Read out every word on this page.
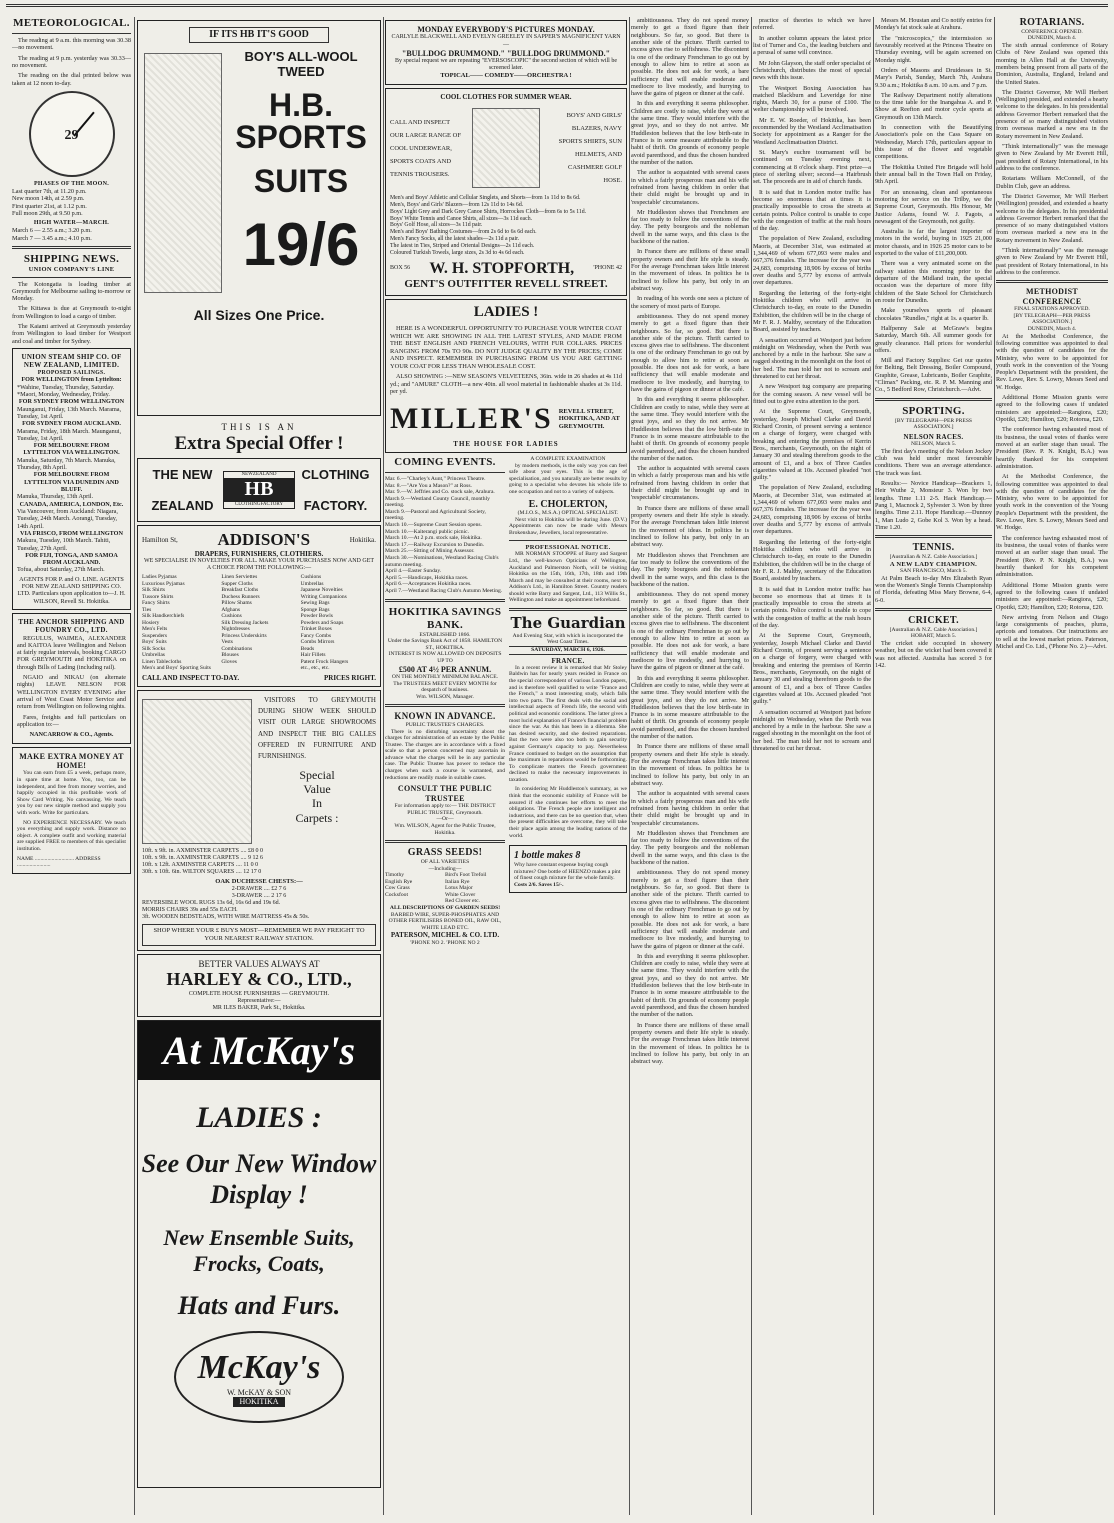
METEOROLOGICAL.

The reading at 9 a.m. this morning was 30.38—no movement.

The reading at 9 p.m. yesterday was 30.33—no movement.

The reading on the dial printed below was taken at 12 noon to-day.

29
PHASES OF THE MOON.
Last quarter 7th, at 11.20 p.m.
New moon 14th, at 2.59 p.m.
First quarter 21st, at 1.12 p.m.
Full moon 29th, at 9.50 p.m.
HIGH WATER—MARCH.
March 6 — 2.55 a.m.; 3.20 p.m.
March 7 — 3.45 a.m.; 4.10 p.m.
SHIPPING NEWS.
UNION COMPANY'S LINE

The Kotongatia is loading timber at Greymouth for Melbourne sailing to-morrow or Monday.

The Kittawa is due at Greymouth to-night from Wellington to load a cargo of timber.

The Kaiami arrived at Greymouth yesterday from Wellington to load timber for Westport and coal and timber for Sydney.

UNION STEAM SHIP CO. OF NEW ZEALAND, LIMITED.
PROPOSED SAILINGS.
FOR WELLINGTON from Lyttelton:
*Wahine, Tuesday, Thursday, Saturday. *Maori, Monday, Wednesday, Friday.
FOR SYDNEY FROM WELLINGTON
Maunganui, Friday, 13th March. Marama, Tuesday, 1st April.
FOR SYDNEY FROM AUCKLAND.
Marama, Friday, 18th March. Maunganui, Tuesday, 1st April.
FOR MELBOURNE FROM LYTTELTON VIA WELLINGTON.
Manuka, Saturday, 7th March. Manuka, Thursday, 8th April.
FOR MELBOURNE FROM LYTTELTON VIA DUNEDIN AND BLUFF.
Manuka, Thursday, 13th April.
CANADA, AMERICA, LONDON, Etc.
Via Vancouver, from Auckland: Niagara, Tuesday, 24th March. Aorangi, Tuesday, 14th April.
VIA FRISCO, FROM WELLINGTON
Makura, Tuesday, 10th March. Tahiti, Tuesday, 27th April.
FOR FIJI, TONGA, AND SAMOA FROM AUCKLAND.
Tofua, about Saturday, 27th March.
AGENTS FOR P. and O. LINE. AGENTS FOR NEW ZEALAND SHIPPING CO. LTD. Particulars upon application to—J. H. WILSON, Revell St. Hokitika.
THE ANCHOR SHIPPING AND FOUNDRY CO., LTD.

REGULUS, WAIMEA, ALEXANDER and KAITOA leave Wellington and Nelson at fairly regular intervals, booking CARGO FOR GREYMOUTH and HOKITIKA on through Bills of Lading (including rail).

NGAIO and NIKAU (on alternate nights) LEAVE NELSON FOR WELLINGTON EVERY EVENING after arrival of West Coast Motor Service and return from Wellington on following nights.

Fares, freights and full particulars on application to:—

NANCARROW & CO., Agents.
MAKE EXTRA MONEY AT HOME!

You can earn from £5 a week, perhaps more, in spare time at home. You, too, can be independent, and free from money worries, and happily occupied in this profitable work of Show Card Writing. No canvassing. We teach you by our new simple method and supply you with work. Write for particulars.

NO EXPERIENCE NECESSARY. We teach you everything and supply work. Distance no object. A complete outfit and working material are supplied FREE to members of this specialist institution.

NAME ............................ ADDRESS ........................
IF ITS HB IT'S GOOD
BOY'S ALL-WOOL TWEED
H.B. SPORTS
SUITS
19/6
All Sizes One Price.
THIS IS AN
Extra Special Offer !
THE NEW
ZEALAND
NEWZEALAND
HB
CLOTHINGFACTORY
CLOTHING
FACTORY.
Hamilton St, ADDISON'S	Hokitika.
DRAPERS, FURNISHERS, CLOTHIERS.
WE SPECIALISE IN NOVELTIES FOR ALL. MAKE YOUR PURCHASES NOW AND GET A CHOICE FROM THE FOLLOWING:—
Ladies Pyjamas
Luxurious Pyjamas
Silk Shirts
Tussore Shirts
Fancy Shirts
Ties
Silk Handkerchiefs
Hosiery
Men's Felts
Suspenders
Boys' Suits
Silk Socks
Umbrellas
Linen Tablecloths
Men's and Boys' Sporting Suits
Linen Serviettes
Supper Cloths
Breakfast Cloths
Duchess Runners
Pillow Shams
Afghans
Cushions
Silk Dressing Jackets
Nightdresses
Princess Underskirts
Vests
Combinations
Blouses
Gloves
Cushions
Umbrellas
Japanese Novelties
Writing Companions
Sewing Bags
Sponge Bags
Powder Bowls
Powders and Soaps
Trinket Boxes
Fancy Combs
Combs Mirrors
Beads
Hair Fillets
Patent Frock Hangers
etc., etc., etc.
CALL AND INSPECT TO-DAY.	PRICES RIGHT.

VISITORS TO GREYMOUTH DURING SHOW WEEK SHOULD VISIT OUR LARGE SHOWROOMS AND INSPECT THE BIG CALLES OFFERED IN FURNITURE AND FURNISHINGS.

Special
Value
In
Carpets :
10ft. x 9ft. in. AXMINSTER CARPETS .... £8 0 0
10ft. x 9ft. in. AXMINSTER CARPETS .... 9 12 6
10ft. x 12ft. AXMINSTER CARPETS .... 11 0 0
30ft. x 10ft. 6in. WILTON SQUARES .... 12 17 0
OAK DUCHESSE CHESTS:—
2-DRAWER .... £2 7 6
3-DRAWER .... 2 17 6
REVERSIBLE WOOL RUGS 13s 6d, 16s 6d and 19s 6d.
MORRIS CHAIRS 39s and 55s EACH.
3ft. WOODEN BEDSTEADS, WITH WIRE MATTRESS 45s & 50s.
SHOP WHERE YOUR £ BUYS MOST—REMEMBER WE PAY FREIGHT TO YOUR NEAREST RAILWAY STATION.
BETTER VALUES ALWAYS AT
HARLEY & CO., LTD.,
COMPLETE HOUSE FURNISHERS — GREYMOUTH.
Representative:—
MR ILES BAKER, Park St., Hokitika.
At McKay's
LADIES :
See Our New Window Display !
New Ensemble Suits, Frocks, Coats,
Hats and Furs.
McKay's
W. McKAY & SON
HOKITIKA
MONDAY EVERYBODY'S PICTURES MONDAY.
CARLYLE BLACKWELL AND EVELYN GREELEY IN SAPPER'S MAGNIFICENT YARN—
"BULLDOG DRUMMOND." "BULLDOG DRUMMOND."
By special request we are repeating "EVERSOSCOPIC" the second section of which will be screened later.
TOPICAL—— COMEDY——ORCHESTRA !
COOL CLOTHES FOR SUMMER WEAR.
CALL AND INSPECT
OUR LARGE RANGE OF
COOL UNDERWEAR,
SPORTS COATS AND
TENNIS TROUSERS.
BOYS' AND GIRLS'
BLAZERS, NAVY
SPORTS SHIRTS, SUN
HELMETS, AND
CASHMERE GOLF
HOSE.
Men's and Boys' Athletic and Cellular Singlets, and Shorts—from 1s 11d to 8s 6d.
Men's, Boys' and Girls' Blazers—from 12s 11d to 14s 6d.
Boys' Light Grey and Dark Grey Canoe Shirts, Horrockes Cloth—from 6s to 5s 11d.
Boys' White Tennis and Canoe Shirts, all sizes—3s 11d each.
Boys' Golf Hose, all sizes—3s 11d pair.
Men's and Boys' Bathing Costumes—from 2s 6d to 6s 6d each.
Men's Fancy Socks, all the latest shades—2s 11d a pair.
The latest in Ties, Striped and Oriental Designs—2s 11d each.
Coloured Turkish Towels, large sizes, 2s 3d to 4s 6d each.
BOX 56 W. H. STOPFORTH,	'PHONE 42
GENT'S OUTFITTER REVELL STREET.
LADIES !

HERE IS A WONDERFUL OPPORTUNITY TO PURCHASE YOUR WINTER COAT WHICH WE ARE SHOWING IN ALL THE LATEST STYLES, AND MADE FROM THE BEST ENGLISH AND FRENCH VELOURS, WITH FUR COLLARS. PRICES RANGING FROM 70s TO 90s. DO NOT JUDGE QUALITY BY THE PRICES; COME AND INSPECT. REMEMBER IN PURCHASING FROM US YOU ARE GETTING YOUR COAT FOR LESS THAN WHOLESALE COST.

ALSO SHOWING :—NEW SEASON'S VELVETEENS, 36in. wide in 26 shades at 4s 11d yd.; and "AMURE" CLOTH—a new 40in. all wool material in fashionable shades at 3s 11d. per yd.

MILLER'S REVELL STREET, HOKITIKA, AND AT GREYMOUTH.
THE HOUSE FOR LADIES
COMING EVENTS.
Mar. 6.—"Charley's Aunt," Princess Theatre.
Mar. 8.—"Are You a Mason?" at Ross.
Mar. 9.—W. Jeffries and Co. stock sale, Arahura.
March 9.—Westland County Council, monthly meeting.
March 9.—Pastoral and Agricultural Society, meeting.
March 10.—Supreme Court Session opens.
March 10.—Kaiterangi public picnic.
March 10.—At 2 p.m. stock sale, Hokitika.
March 17.—Railway Excursion to Dunedin.
March 25.—Sitting of Mining Assessor.
March 30.—Nominations, Westland Racing Club's autumn meeting.
April 4.—Easter Sunday.
April 5.—Handicaps, Hokitika races.
April 6.—Acceptances Hokitika races.
April 7.—Westland Racing Club's Autumn Meeting.
HOKITIKA SAVINGS BANK.
ESTABLISHED 1866.
Under the Savings Bank Act of 1858. HAMILTON ST., HOKITIKA.
INTEREST IS NOW ALLOWED ON DEPOSITS UP TO
£500 AT 4½ PER ANNUM.
ON THE MONTHLY MINIMUM BALANCE.
The TRUSTEES MEET EVERY MONTH for despatch of business.
Wm. WILSON, Manager.
KNOWN IN ADVANCE.
PUBLIC TRUSTEE'S CHARGES.

There is no disturbing uncertainty about the charges for administration of an estate by the Public Trustee. The charges are in accordance with a fixed scale so that a person concerned may ascertain in advance what the charges will be in any particular case. The Public Trustee has power to reduce the charges when such a course is warranted, and reductions are readily made in suitable cases.

CONSULT THE PUBLIC TRUSTEE
For information apply to:— THE DISTRICT PUBLIC TRUSTEE, Greymouth.
—Or—
Wm. WILSON, Agent for the Public Trustee, Hokitika.
GRASS SEEDS!
OF ALL VARIETIES
—Including—
Timothy
English Rye
Cow Grass
Cocksfoot
Bird's Foot Trefoil
Italian Rye
Lotus Major
White Clover
Red Clover etc.
ALL DESCRIPTIONS OF GARDEN SEEDS!
BARBED WIRE, SUPER-PHOSPHATES AND OTHER FERTILISERS BONED OIL, RAW OIL, WHITE LEAD ETC.
PATERSON, MICHEL & CO. LTD.
'PHONE NO 2. 'PHONE NO 2
A COMPLETE EXAMINATION

by modern methods, is the only way you can feel safe about your eyes. This is the age of specialisation, and you naturally are better results by going to a specialist who devotes his whole life to one occupation and not to a variety of subjects.

E. CHOLERTON,
(M.I.O.S., M.S.A.) OPTICAL SPECIALIST.

Next visit to Hokitika will be during June. (D.V.) Appointments can now be made with Messrs Brokenshaw, Jewellers, local representative.

PROFESSIONAL NOTICE.

MR NORMAN STOOPPE of Barry and Sargent Ltd., the well-known Opticians of Wellington, Auckland and Palmerston North, will be visiting Hokitika on the 15th, 16th, 17th, 18th and 19th March and may be consulted at their rooms, next to Addison's Ltd., in Hamilton Street. Country readers should write Barry and Sargent, Ltd., 113 Willis St., Wellington and make an appointment beforehand.

The Guardian
And Evening Star, with which is incorporated the West Coast Times.
SATURDAY, MARCH 6, 1926.
FRANCE.

In a recent review it is remarked that Mr Stoley Baldwin has for nearly years resided in France on the special correspondent of various London papers, and is therefore well qualified to write "France and the French," a most interesting study, which falls into two parts. The first deals with the social and intellectual aspects of French life, the second with political and economic conditions. The latter gives a most lucid explanation of France's financial problem since the war. As this has been in a dilemma. She has desired security, and she desired reparations. But the two were also too both to gain security against Germany's capacity to pay. Nevertheless France continued to budget on the assumption that the maximum in reparations would be forthcoming. To complicate matters the French government declined to make the necessary improvements in taxation.

In considering Mr Huddleston's summary, as we think that the economic stability of France will be assured if she continues her efforts to meet the obligations. The French people are intelligent and industrious, and there can be no question that, when the present difficulties are overcome, they will take their place again among the leading nations of the world.

1 bottle makes 8
Why have constant expense buying cough mixtures? One bottle of HEENZO makes a pint of finest cough mixture for the whole family.
Costs 2/6. Saves 15/-.

ambitiousness. They do not spend money merely to get a fixed figure than their neighbours. So far, so good. But there is another side of the picture. Thrift carried to excess gives rise to selfishness. The discontent is one of the ordinary Frenchman to go out by enough to allow him to retire at soon as possible. He does not ask for work, a bare sufficiency that will enable moderate and mediocre to live modestly, and hurrying to have the gains of pigeon or dinner at the café.

In this and everything it seems philosopher. Children are costly to raise, while they were at the same time. They would interfere with the great joys, and so they do not arrive. Mr Huddleston believes that the low birth-rate in France is in some measure attributable to the habit of thrift. On grounds of economy people avoid parenthood, and thus the chosen hundred the number of the nation.

The author is acquainted with several cases in which a fairly prosperous man and his wife refrained from having children in order that their child might be brought up and in 'respectable' circumstances.

Mr Huddleston shows that Frenchmen are far too ready to follow the conventions of the day. The petty bourgeois and the nobleman dwell in the same ways, and this class is the backbone of the nation.

In France there are millions of these small property owners and their life style is steady. For the average Frenchman takes little interest in the movement of ideas. In politics he is inclined to follow his party, but only in an abstract way.

In reading of his words one sees a picture of the scenery of most parts of Europe.

ambitiousness. They do not spend money merely to get a fixed figure than their neighbours. So far, so good. But there is another side of the picture. Thrift carried to excess gives rise to selfishness. The discontent is one of the ordinary Frenchman to go out by enough to allow him to retire at soon as possible. He does not ask for work, a bare sufficiency that will enable moderate and mediocre to live modestly, and hurrying to have the gains of pigeon or dinner at the café.

In this and everything it seems philosopher. Children are costly to raise, while they were at the same time. They would interfere with the great joys, and so they do not arrive. Mr Huddleston believes that the low birth-rate in France is in some measure attributable to the habit of thrift. On grounds of economy people avoid parenthood, and thus the chosen hundred the number of the nation.

The author is acquainted with several cases in which a fairly prosperous man and his wife refrained from having children in order that their child might be brought up and in 'respectable' circumstances.

In France there are millions of these small property owners and their life style is steady. For the average Frenchman takes little interest in the movement of ideas. In politics he is inclined to follow his party, but only in an abstract way.

Mr Huddleston shows that Frenchmen are far too ready to follow the conventions of the day. The petty bourgeois and the nobleman dwell in the same ways, and this class is the backbone of the nation.

ambitiousness. They do not spend money merely to get a fixed figure than their neighbours. So far, so good. But there is another side of the picture. Thrift carried to excess gives rise to selfishness. The discontent is one of the ordinary Frenchman to go out by enough to allow him to retire at soon as possible. He does not ask for work, a bare sufficiency that will enable moderate and mediocre to live modestly, and hurrying to have the gains of pigeon or dinner at the café.

In this and everything it seems philosopher. Children are costly to raise, while they were at the same time. They would interfere with the great joys, and so they do not arrive. Mr Huddleston believes that the low birth-rate in France is in some measure attributable to the habit of thrift. On grounds of economy people avoid parenthood, and thus the chosen hundred the number of the nation.

In France there are millions of these small property owners and their life style is steady. For the average Frenchman takes little interest in the movement of ideas. In politics he is inclined to follow his party, but only in an abstract way.

The author is acquainted with several cases in which a fairly prosperous man and his wife refrained from having children in order that their child might be brought up and in 'respectable' circumstances.

Mr Huddleston shows that Frenchmen are far too ready to follow the conventions of the day. The petty bourgeois and the nobleman dwell in the same ways, and this class is the backbone of the nation.

ambitiousness. They do not spend money merely to get a fixed figure than their neighbours. So far, so good. But there is another side of the picture. Thrift carried to excess gives rise to selfishness. The discontent is one of the ordinary Frenchman to go out by enough to allow him to retire at soon as possible. He does not ask for work, a bare sufficiency that will enable moderate and mediocre to live modestly, and hurrying to have the gains of pigeon or dinner at the café.

In this and everything it seems philosopher. Children are costly to raise, while they were at the same time. They would interfere with the great joys, and so they do not arrive. Mr Huddleston believes that the low birth-rate in France is in some measure attributable to the habit of thrift. On grounds of economy people avoid parenthood, and thus the chosen hundred the number of the nation.

In France there are millions of these small property owners and their life style is steady. For the average Frenchman takes little interest in the movement of ideas. In politics he is inclined to follow his party, but only in an abstract way.

practice of theories to which we have referred.

In another column appears the latest price list of Turner and Co., the leading butchers and a perusal of same will convince.

Mr John Glayson, the staff order specialist of Christchurch, distributes the most of special news with this issue.

The Westport Boxing Association has matched Blackburn and Leveridge for nine rights, March 30, for a purse of £100. The welter championship will be involved.

Mr E. W. Roeder, of Hokitika, has been recommended by the Westland Acclimatisation Society for appointment as a Ranger for the Westland Acclimatisation District.

St. Mary's euchre tournament will be continued on Tuesday evening next, commencing at 8 o'clock sharp. First prize—a piece of sterling silver; second—a Hairbrush set. The proceeds are in aid of church funds.

It is said that in London motor traffic has become so enormous that at times it is practically impossible to cross the streets at certain points. Police control is unable to cope with the congestion of traffic at the rush hours of the day.

The population of New Zealand, excluding Maoris, at December 31st, was estimated at 1,344,469 of whom 677,093 were males and 667,376 females. The increase for the year was 24,683, comprising 18,906 by excess of births over deaths and 5,777 by excess of arrivals over departures.

Regarding the lettering of the forty-eight Hokitika children who will arrive in Christchurch to-day, en route to the Dunedin Exhibition, the children will be in the charge of Mr F. R. J. Maltby, secretary of the Education Board, assisted by teachers.

A sensation occurred at Westport just before midnight on Wednesday, when the Perth was anchored by a mile in the harbour. She saw a ragged shooting in the moonlight on the foot of her bed. The man told her not to scream and threatened to cut her throat.

A new Westport tug company are preparing for the coming season. A new vessel will be fitted out to give extra attention to the port.

At the Supreme Court, Greymouth, yesterday, Joseph Michael Clarke and David Richard Cronin, of present serving a sentence on a charge of forgery, were charged with breaking and entering the premises of Kerrin Bros., merchants, Greymouth, on the night of January 30 and stealing therefrom goods to the amount of £1, and a box of Three Castles cigarettes valued at 10s. Accused pleaded "not guilty."

The population of New Zealand, excluding Maoris, at December 31st, was estimated at 1,344,469 of whom 677,093 were males and 667,376 females. The increase for the year was 24,683, comprising 18,906 by excess of births over deaths and 5,777 by excess of arrivals over departures.

Regarding the lettering of the forty-eight Hokitika children who will arrive in Christchurch to-day, en route to the Dunedin Exhibition, the children will be in the charge of Mr F. R. J. Maltby, secretary of the Education Board, assisted by teachers.

It is said that in London motor traffic has become so enormous that at times it is practically impossible to cross the streets at certain points. Police control is unable to cope with the congestion of traffic at the rush hours of the day.

At the Supreme Court, Greymouth, yesterday, Joseph Michael Clarke and David Richard Cronin, of present serving a sentence on a charge of forgery, were charged with breaking and entering the premises of Kerrin Bros., merchants, Greymouth, on the night of January 30 and stealing therefrom goods to the amount of £1, and a box of Three Castles cigarettes valued at 10s. Accused pleaded "not guilty."

A sensation occurred at Westport just before midnight on Wednesday, when the Perth was anchored by a mile in the harbour. She saw a ragged shooting in the moonlight on the foot of her bed. The man told her not to scream and threatened to cut her throat.

Messrs M. Houstan and Co notify entries for Monday's fat stock sale at Arahura.

The "microscopics," the intermission so favourably received at the Princess Theatre on Thursday evening, will be again screened on Monday night.

Orders of Masons and Druidesses in St. Mary's Parish, Sunday, March 7th, Arahura 9.30 a.m.; Hokitika 8 a.m. 10 a.m. and 7 p.m.

The Railway Department notify alterations to the time table for the Inangahua A. and P. Show at Reefton and motor cycle sports at Greymouth on 13th March.

In connection with the Beautifying Association's pole on the Cass Square on Wednesday, March 17th, particulars appear in this issue of the flower and vegetable competitions.

The Hokitika United Fire Brigade will hold their annual ball in the Town Hall on Friday, 9th April.

For an unceasing, clean and spontaneous motoring for service on the Trilby, we the Supreme Court, Greymouth. His Honour, Mr Justice Adams, found W. J. Fagots, a newsagent of the Greymouth, not guilty.

Australia is far the largest importer of motors in the world, buying in 1925 21,000 motor chassis, and in 1926 25 motor cars to be exported to the value of £11,200,000.

There was a very animated scene on the railway station this morning prior to the departure of the Midland train, the special occasion was the departure of more fifty children of the State School for Christchurch en route for Dunedin.

Make yourselves sports of pleasant chocolates "Rundles," right at 1s. a quarter lb.

Halfpenny Sale at McGraw's begins Saturday, March 6th. All summer goods for greatly clearance. Hall prices for wonderful offers.

Mill and Factory Supplies: Get our quotes for Belting, Belt Dressing, Boiler Compound, Graphite, Grease, Lubricants, Boiler Graphite, "Climax" Packing, etc. R. P. M. Manning and Co., 5 Bedford Row, Christchurch.—Advt.

SPORTING.
[BY TELEGRAPH—PER PRESS ASSOCIATION.]
NELSON RACES.
NELSON, March 5.

The first day's meeting of the Nelson Jockey Club was held under most favourable conditions. There was an average attendance. The track was fast.

Results:— Novice Handicap—Brackers 1, Heir Wuthe 2, Monsieur 3. Won by two lengths. Time 1.11 2-5. Hack Handicap.—Pang 1, Macnock 2, Sylvester 3. Won by three lengths. Time 2.11. Hope Handicap.—Dunnoy 1, Man Ludo 2, Gobe Kol 3. Won by a head. Time 1.20.

TENNIS.
[Australian & N.Z. Cable Association.]
A NEW LADY CHAMPION.
SAN FRANCISCO, March 5.

At Palm Beach to-day Mrs Elizabeth Ryan won the Women's Single Tennis Championship of Florida, defeating Miss Mary Browne, 6-4, 6-0.

CRICKET.
[Australian & N.Z. Cable Association.]
HOBART, March 5.

The cricket side occupied in showery weather, but on the wicket had been covered it was not affected. Australia has scored 3 for 142.

ROTARIANS.
CONFERENCE OPENED.
DUNEDIN, March 4.

The sixth annual conference of Rotary Clubs of New Zealand was opened this morning in Allen Hall at the University, members being present from all parts of the Dominion, Australia, England, Ireland and the United States.

The District Governor, Mr Will Herbert (Wellington) presided, and extended a hearty welcome to the delegates. In his presidential address Governor Herbert remarked that the presence of so many distinguished visitors from overseas marked a new era in the Rotary movement in New Zealand.

"Think internationally" was the message given to New Zealand by Mr Everett Hill, past president of Rotary International, in his address to the conference.

Rotarians William McConnell, of the Dublin Club, gave an address.

The District Governor, Mr Will Herbert (Wellington) presided, and extended a hearty welcome to the delegates. In his presidential address Governor Herbert remarked that the presence of so many distinguished visitors from overseas marked a new era in the Rotary movement in New Zealand.

"Think internationally" was the message given to New Zealand by Mr Everett Hill, past president of Rotary International, in his address to the conference.

METHODIST CONFERENCE
FINAL STATIONS APPROVED.
[BY TELEGRAPH—PER PRESS ASSOCIATION.]
DUNEDIN, March 4.

At the Methodist Conference, the following committee was appointed to deal with the question of candidates for the Ministry, who were to be appointed for youth work in the convention of the Young People's Department with the president, the Rev. Lowe, Rev. S. Lowry, Messrs Seed and W. Hodge.

Additional Home Mission grants were agreed to the following cases if undated ministers are appointed:—Rangiora, £20; Opotiki, £20; Hamilton, £20; Rotorua, £20.

The conference having exhausted most of its business, the usual votes of thanks were moved at an earlier stage than usual. The President (Rev. P. N. Knight, B.A.) was heartily thanked for his competent administration.

At the Methodist Conference, the following committee was appointed to deal with the question of candidates for the Ministry, who were to be appointed for youth work in the convention of the Young People's Department with the president, the Rev. Lowe, Rev. S. Lowry, Messrs Seed and W. Hodge.

The conference having exhausted most of its business, the usual votes of thanks were moved at an earlier stage than usual. The President (Rev. P. N. Knight, B.A.) was heartily thanked for his competent administration.

Additional Home Mission grants were agreed to the following cases if undated ministers are appointed:—Rangiora, £20; Opotiki, £20; Hamilton, £20; Rotorua, £20.

New arriving from Nelson and Otago large consignments of peaches, plums, apricots and tomatoes. Our instructions are to sell at the lowest market prices. Paterson, Michel and Co. Ltd., ('Phone No. 2.)—Advt.
